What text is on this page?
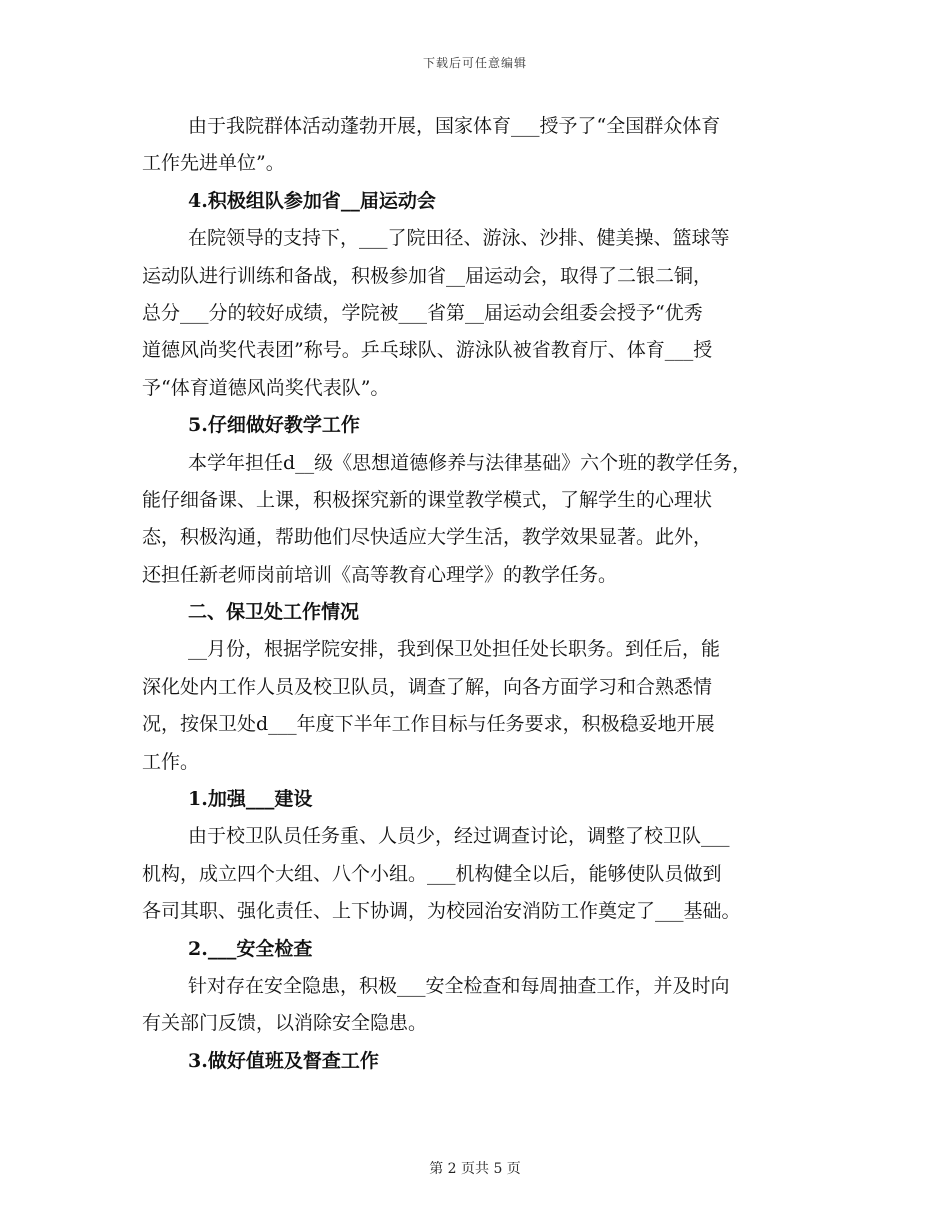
下载后可任意编辑
由于我院群体活动蓬勃开展，国家体育___授予了“全国群众体育
工作先进单位”。
4.积极组队参加省__届运动会
在院领导的支持下，___了院田径、游泳、沙排、健美操、篮球等
运动队进行训练和备战，积极参加省__届运动会，取得了二银二铜，
总分___分的较好成绩，学院被___省第__届运动会组委会授予“优秀
道德风尚奖代表团”称号。乒乓球队、游泳队被省教育厅、体育___授
予“体育道德风尚奖代表队”。
5.仔细做好教学工作
本学年担任d__级《思想道德修养与法律基础》六个班的教学任务，
能仔细备课、上课，积极探究新的课堂教学模式，了解学生的心理状
态，积极沟通，帮助他们尽快适应大学生活，教学效果显著。此外，
还担任新老师岗前培训《高等教育心理学》的教学任务。
二、保卫处工作情况
__月份，根据学院安排，我到保卫处担任处长职务。到任后，能
深化处内工作人员及校卫队员，调查了解，向各方面学习和合熟悉情
况，按保卫处d___年度下半年工作目标与任务要求，积极稳妥地开展
工作。
1.加强___建设
由于校卫队员任务重、人员少，经过调查讨论，调整了校卫队___
机构，成立四个大组、八个小组。___机构健全以后，能够使队员做到
各司其职、强化责任、上下协调，为校园治安消防工作奠定了___基础。
2.___安全检查
针对存在安全隐患，积极___安全检查和每周抽查工作，并及时向
有关部门反馈，以消除安全隐患。
3.做好值班及督查工作
第 2 页共 5 页
